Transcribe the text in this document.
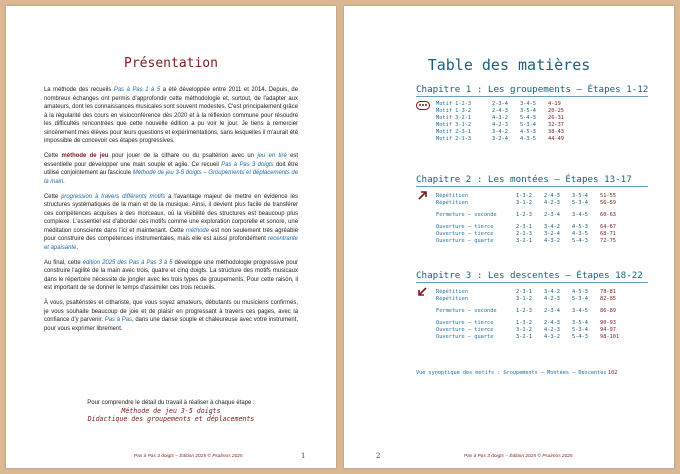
Présentation

La méthode des recueils Pas à Pas 1 à 5 a été développée entre 2011 et 2014. Depuis, de nombreux échanges ont permis d'approfondir cette méthodologie et, surtout, de l'adapter aux amateurs, dont les connaissances musicales sont souvent modestes. C'est principalement grâce à la régularité des cours en visioconférence dès 2020 et à la réflexion commune pour résoudre les difficultés rencontrées que cette nouvelle édition a pu voir le jour. Je tiens à remercier sincèrement mes élèves pour leurs questions et expérimentations, sans lesquelles il m'aurait été impossible de concevoir ces étapes progressives.

Cette méthode de jeu pour jouer de la cithare ou du psaltérion avec un jeu en tiré est essentielle pour développer une main souple et agile. Ce recueil Pas à Pas 3 doigts doit être utilisé conjointement au fascicule Méthode de jeu 3-5 doigts – Groupements et déplacements de la main.

Cette progression à travers différents motifs a l'avantage majeur de mettre en évidence les structures systématiques de la main et de la musique. Ainsi, il devient plus facile de transférer ces compétences acquises à des morceaux, où la visibilité des structures est beaucoup plus complexe. L'essentiel est d'aborder ces motifs comme une exploration corporelle et sonore, une méditation consciente dans l'ici et maintenant. Cette méthode est non seulement très agréable pour construire des compétences instrumentales, mais elle est aussi profondément recentrante et apaisante.

Au final, cette édition 2025 des Pas à Pas 3 à 5 développe une méthodologie progressive pour construire l'agilité de la main avec trois, quatre et cinq doigts. La structure des motifs musicaux dans le répertoire nécessite de jongler avec les trois types de groupements. Pour cette raison, il est important de se donner le temps d'assimiler ces trois recueils.

À vous, psaltéristes et cithariste, que vous soyez amateurs, débutants ou musiciens confirmés, je vous souhaite beaucoup de joie et de plaisir en progressant à travers ces pages, avec la confiance d'y parvenir. Pas à Pas, dans une danse souple et chaleureuse avec votre instrument, pour vous exprimer librement.

Pour comprendre le détail du travail à réaliser à chaque étape :
Méthode de jeu 3-5 doigts
Didactique des groupements et déplacements
Pas à Pas 3 doigts – Édition 2025 © Psalmos 2025	1
Table des matières
Chapitre 1 : Les groupements – Étapes 1-12
Chapitre 2 : Les montées – Étapes 13-17
Chapitre 3 : Les descentes – Étapes 18-22
Vue synoptique des motifs : Groupements – Montées – Descentes 102
2	Pas à Pas 3 doigts – Édition 2025 © Psalmos 2025
Motif 1-2-3	2-3-4 3-4-5 4-19
Motif 1-3-2	2-4-3 3-5-4 20-25
Motif 3-2-1	4-3-2 5-4-3 26-31
Motif 3-1-2	4-2-3 5-3-4 32-37
Motif 2-3-1	3-4-2 4-5-3 38-43
Motif 2-1-3	3-2-4 4-3-5 44-49
Répétition	1-3-2 2-4-3 3-5-4 51-55
Répétition	3-1-2 4-2-3 5-3-4 56-59
Fermeture – seconde	1-2-3 2-3-4 3-4-5 60-63
Ouverture – tierce	2-3-1 3-4-2 4-5-3 64-67
Ouverture – tierce	2-1-3 3-2-4 4-3-5 68-71
Ouverture – quarte	3-2-1 4-3-2 5-4-3 72-75
Répétition	2-3-1 3-4-2 4-5-3 78-81
Répétition	3-1-2 4-2-3 5-3-4 82-85
Fermeture – seconde	1-2-3 2-3-4 3-4-5 86-89
Ouverture – tierce	1-3-2 2-4-3 3-5-4 90-93
Ouverture – tierce	3-1-2 4-2-3 5-3-4 94-97
Ouverture – quarte	3-2-1 4-3-2 5-4-3 98-101
